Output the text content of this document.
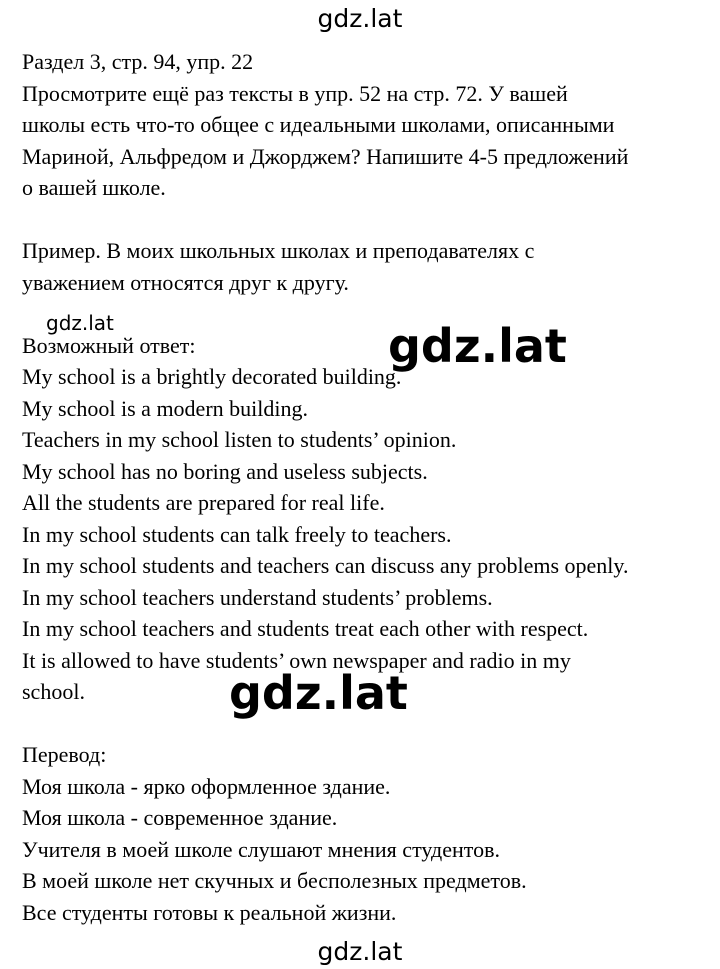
gdz.lat
Раздел 3, стр. 94, упр. 22
Просмотрите ещё раз тексты в упр. 52 на стр. 72. У вашей
школы есть что-то общее с идеальными школами, описанными
Мариной, Альфредом и Джорджем? Напишите 4-5 предложений
о вашей школе.
Пример. В моих школьных школах и преподавателях с
уважением относятся друг к другу.
Возможный ответ:
My school is a brightly decorated building.
My school is a modern building.
Teachers in my school listen to students’ opinion.
My school has no boring and useless subjects.
All the students are prepared for real life.
In my school students can talk freely to teachers.
In my school students and teachers can discuss any problems openly.
In my school teachers understand students’ problems.
In my school teachers and students treat each other with respect.
It is allowed to have students’ own newspaper and radio in my
school.
Перевод:
Моя школа - ярко оформленное здание.
Моя школа - современное здание.
Учителя в моей школе слушают мнения студентов.
В моей школе нет скучных и бесполезных предметов.
Все студенты готовы к реальной жизни.
gdz.lat	gdz.lat
gdz.lat
gdz.lat
